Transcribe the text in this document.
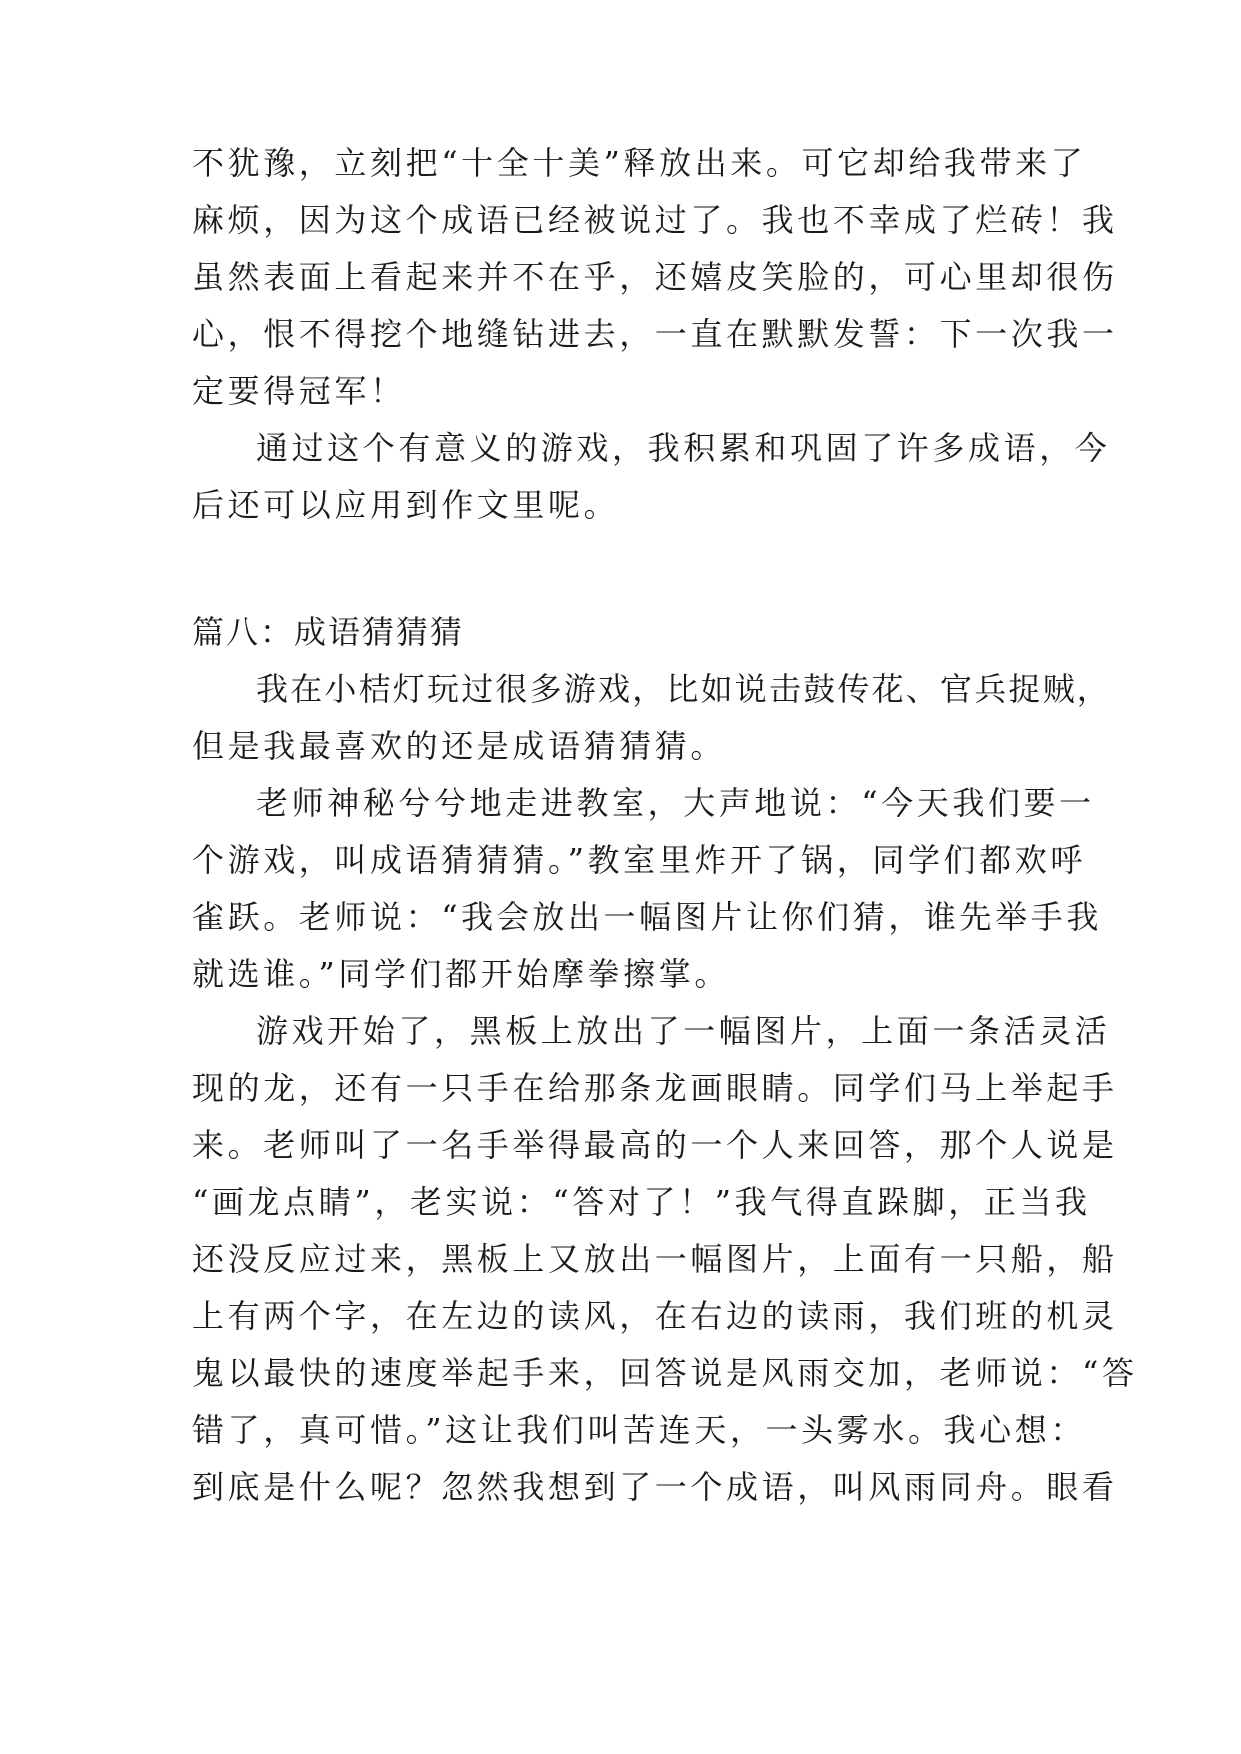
不犹豫，立刻把“十全十美”释放出来。可它却给我带来了
麻烦，因为这个成语已经被说过了。我也不幸成了烂砖！我
虽然表面上看起来并不在乎，还嬉皮笑脸的，可心里却很伤
心，恨不得挖个地缝钻进去，一直在默默发誓：下一次我一
定要得冠军！
通过这个有意义的游戏，我积累和巩固了许多成语，今
后还可以应用到作文里呢。
篇八：成语猜猜猜
我在小桔灯玩过很多游戏，比如说击鼓传花、官兵捉贼，
但是我最喜欢的还是成语猜猜猜。
老师神秘兮兮地走进教室，大声地说：“今天我们要一
个游戏，叫成语猜猜猜。”教室里炸开了锅，同学们都欢呼
雀跃。老师说：“我会放出一幅图片让你们猜，谁先举手我
就选谁。”同学们都开始摩拳擦掌。
游戏开始了，黑板上放出了一幅图片，上面一条活灵活
现的龙，还有一只手在给那条龙画眼睛。同学们马上举起手
来。老师叫了一名手举得最高的一个人来回答，那个人说是
“画龙点睛”，老实说：“答对了！”我气得直跺脚，正当我
还没反应过来，黑板上又放出一幅图片，上面有一只船，船
上有两个字，在左边的读风，在右边的读雨，我们班的机灵
鬼以最快的速度举起手来，回答说是风雨交加，老师说：“答
错了，真可惜。”这让我们叫苦连天，一头雾水。我心想：
到底是什么呢？忽然我想到了一个成语，叫风雨同舟。眼看
